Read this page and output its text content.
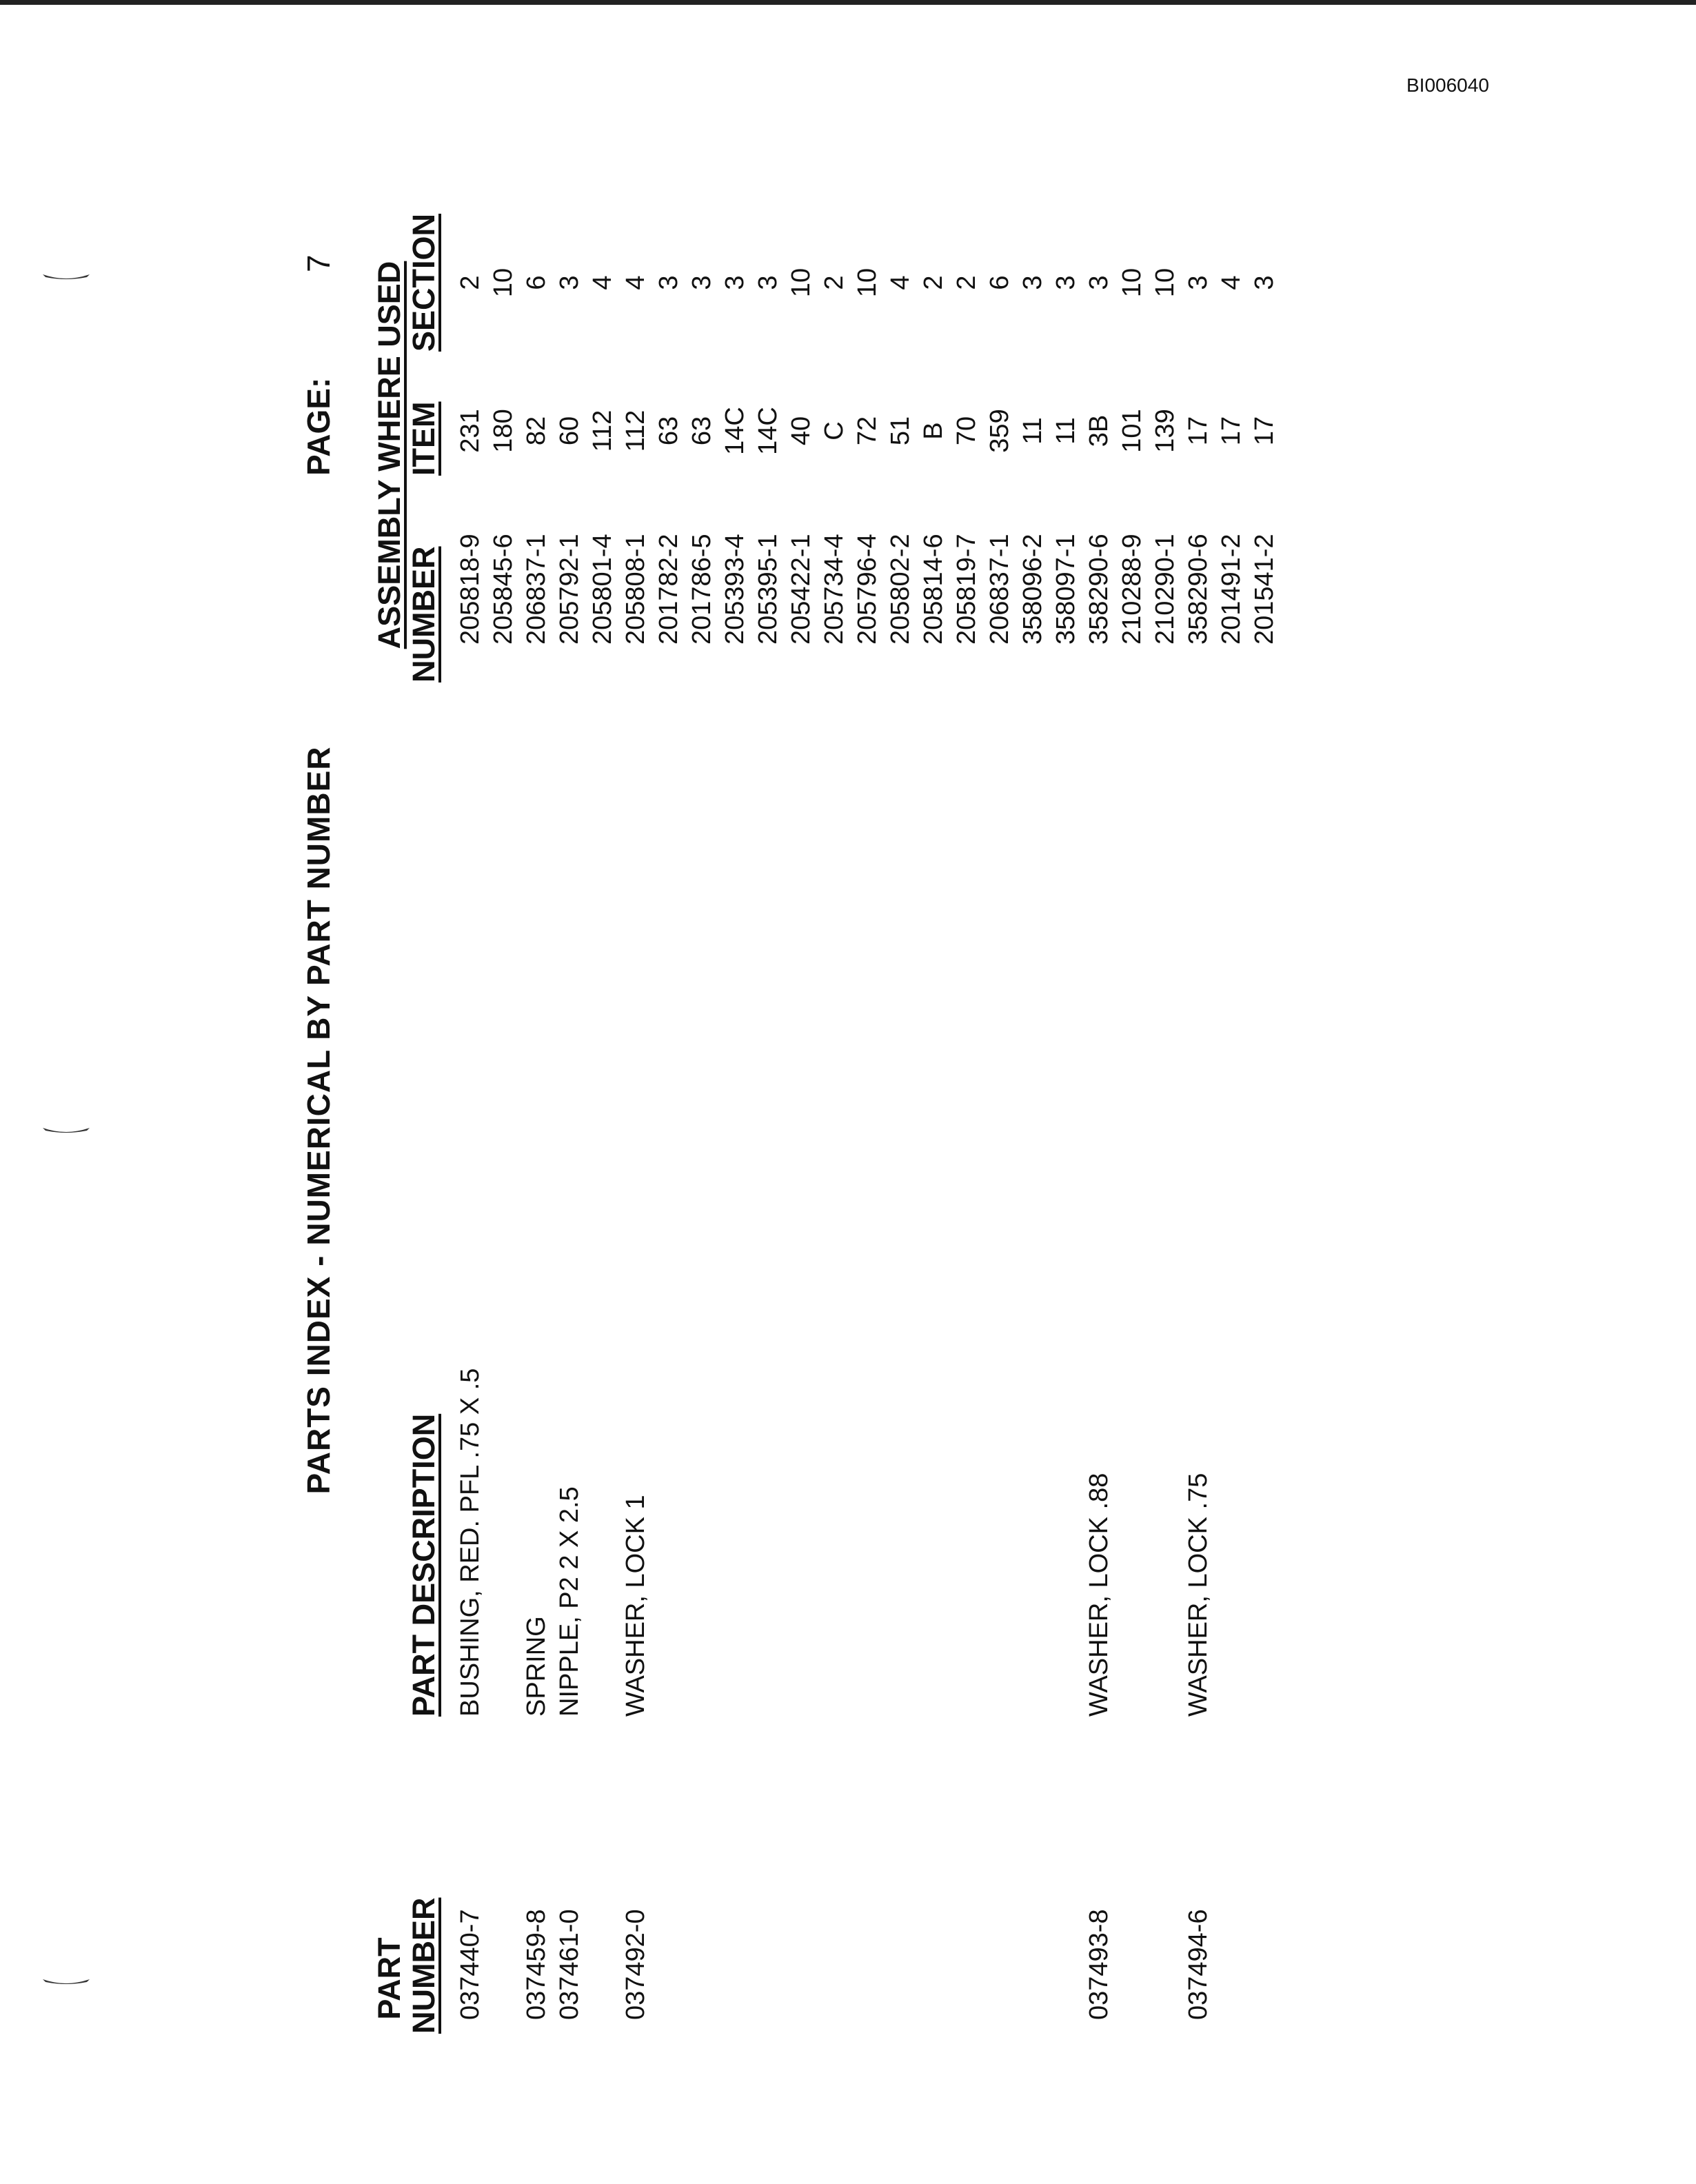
BI006040
PARTS INDEX - NUMERICAL BY PART NUMBER
PAGE:
7
PART NUMBER
PART DESCRIPTION
ASSEMBLY WHERE USED NUMBER
ITEM
SECTION
037440-7
BUSHING, RED. PFL .75 X .5
037459-8
SPRING
037461-0
NIPPLE, P2 2 X 2.5
037492-0
WASHER, LOCK 1
037493-8
WASHER, LOCK .88
037494-6
WASHER, LOCK .75
205818-9
231
2
205845-6
180
10
206837-1
82
6
205792-1
60
3
205801-4
112
4
205808-1
112
4
201782-2
63
3
201786-5
63
3
205393-4
14C
3
205395-1
14C
3
205422-1
40
10
205734-4
C
2
205796-4
72
10
205802-2
51
4
205814-6
B
2
205819-7
70
2
206837-1
359
6
358096-2
11
3
358097-1
11
3
358290-6
3B
3
210288-9
101
10
210290-1
139
10
358290-6
17
3
201491-2
17
4
201541-2
17
3
